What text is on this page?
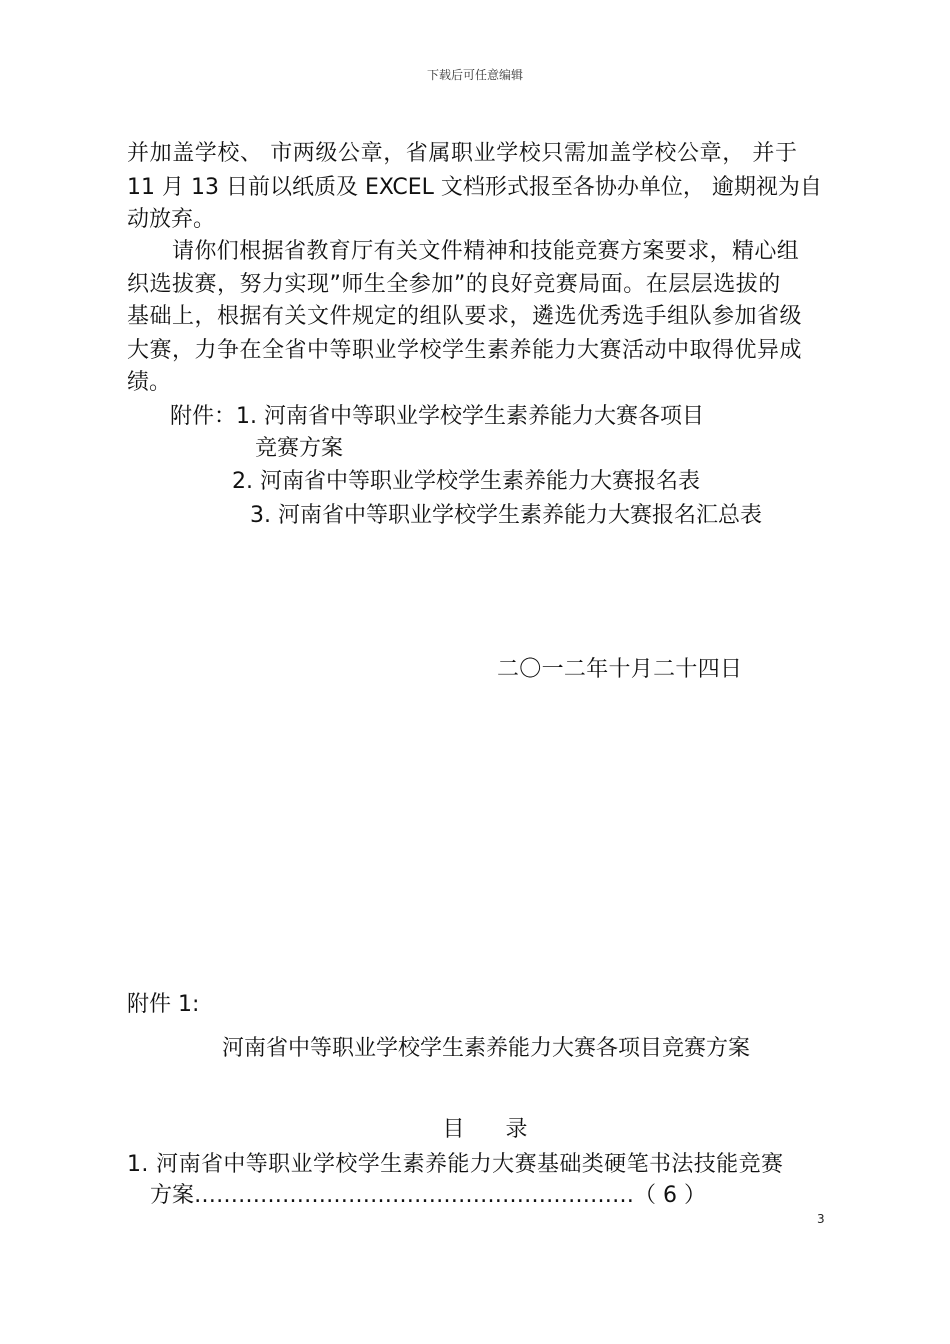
下载后可任意编辑
并加盖学校、 市两级公章，省属职业学校只需加盖学校公章， 并于
11 月 13 日前以纸质及 EXCEL 文档形式报至各协办单位， 逾期视为自
动放弃。
请你们根据省教育厅有关文件精神和技能竞赛方案要求，精心组
织选拔赛，努力实现”师生全参加”的良好竞赛局面。在层层选拔的
基础上，根据有关文件规定的组队要求，遴选优秀选手组队参加省级
大赛，力争在全省中等职业学校学生素养能力大赛活动中取得优异成
绩。
附件：1. 河南省中等职业学校学生素养能力大赛各项目
竞赛方案
2. 河南省中等职业学校学生素养能力大赛报名表
3. 河南省中等职业学校学生素养能力大赛报名汇总表
二〇一二年十月二十四日
附件 1:
河南省中等职业学校学生素养能力大赛各项目竞赛方案
目 录
1. 河南省中等职业学校学生素养能力大赛基础类硬笔书法技能竞赛
方案……………………………………………………（ 6 ）
3
